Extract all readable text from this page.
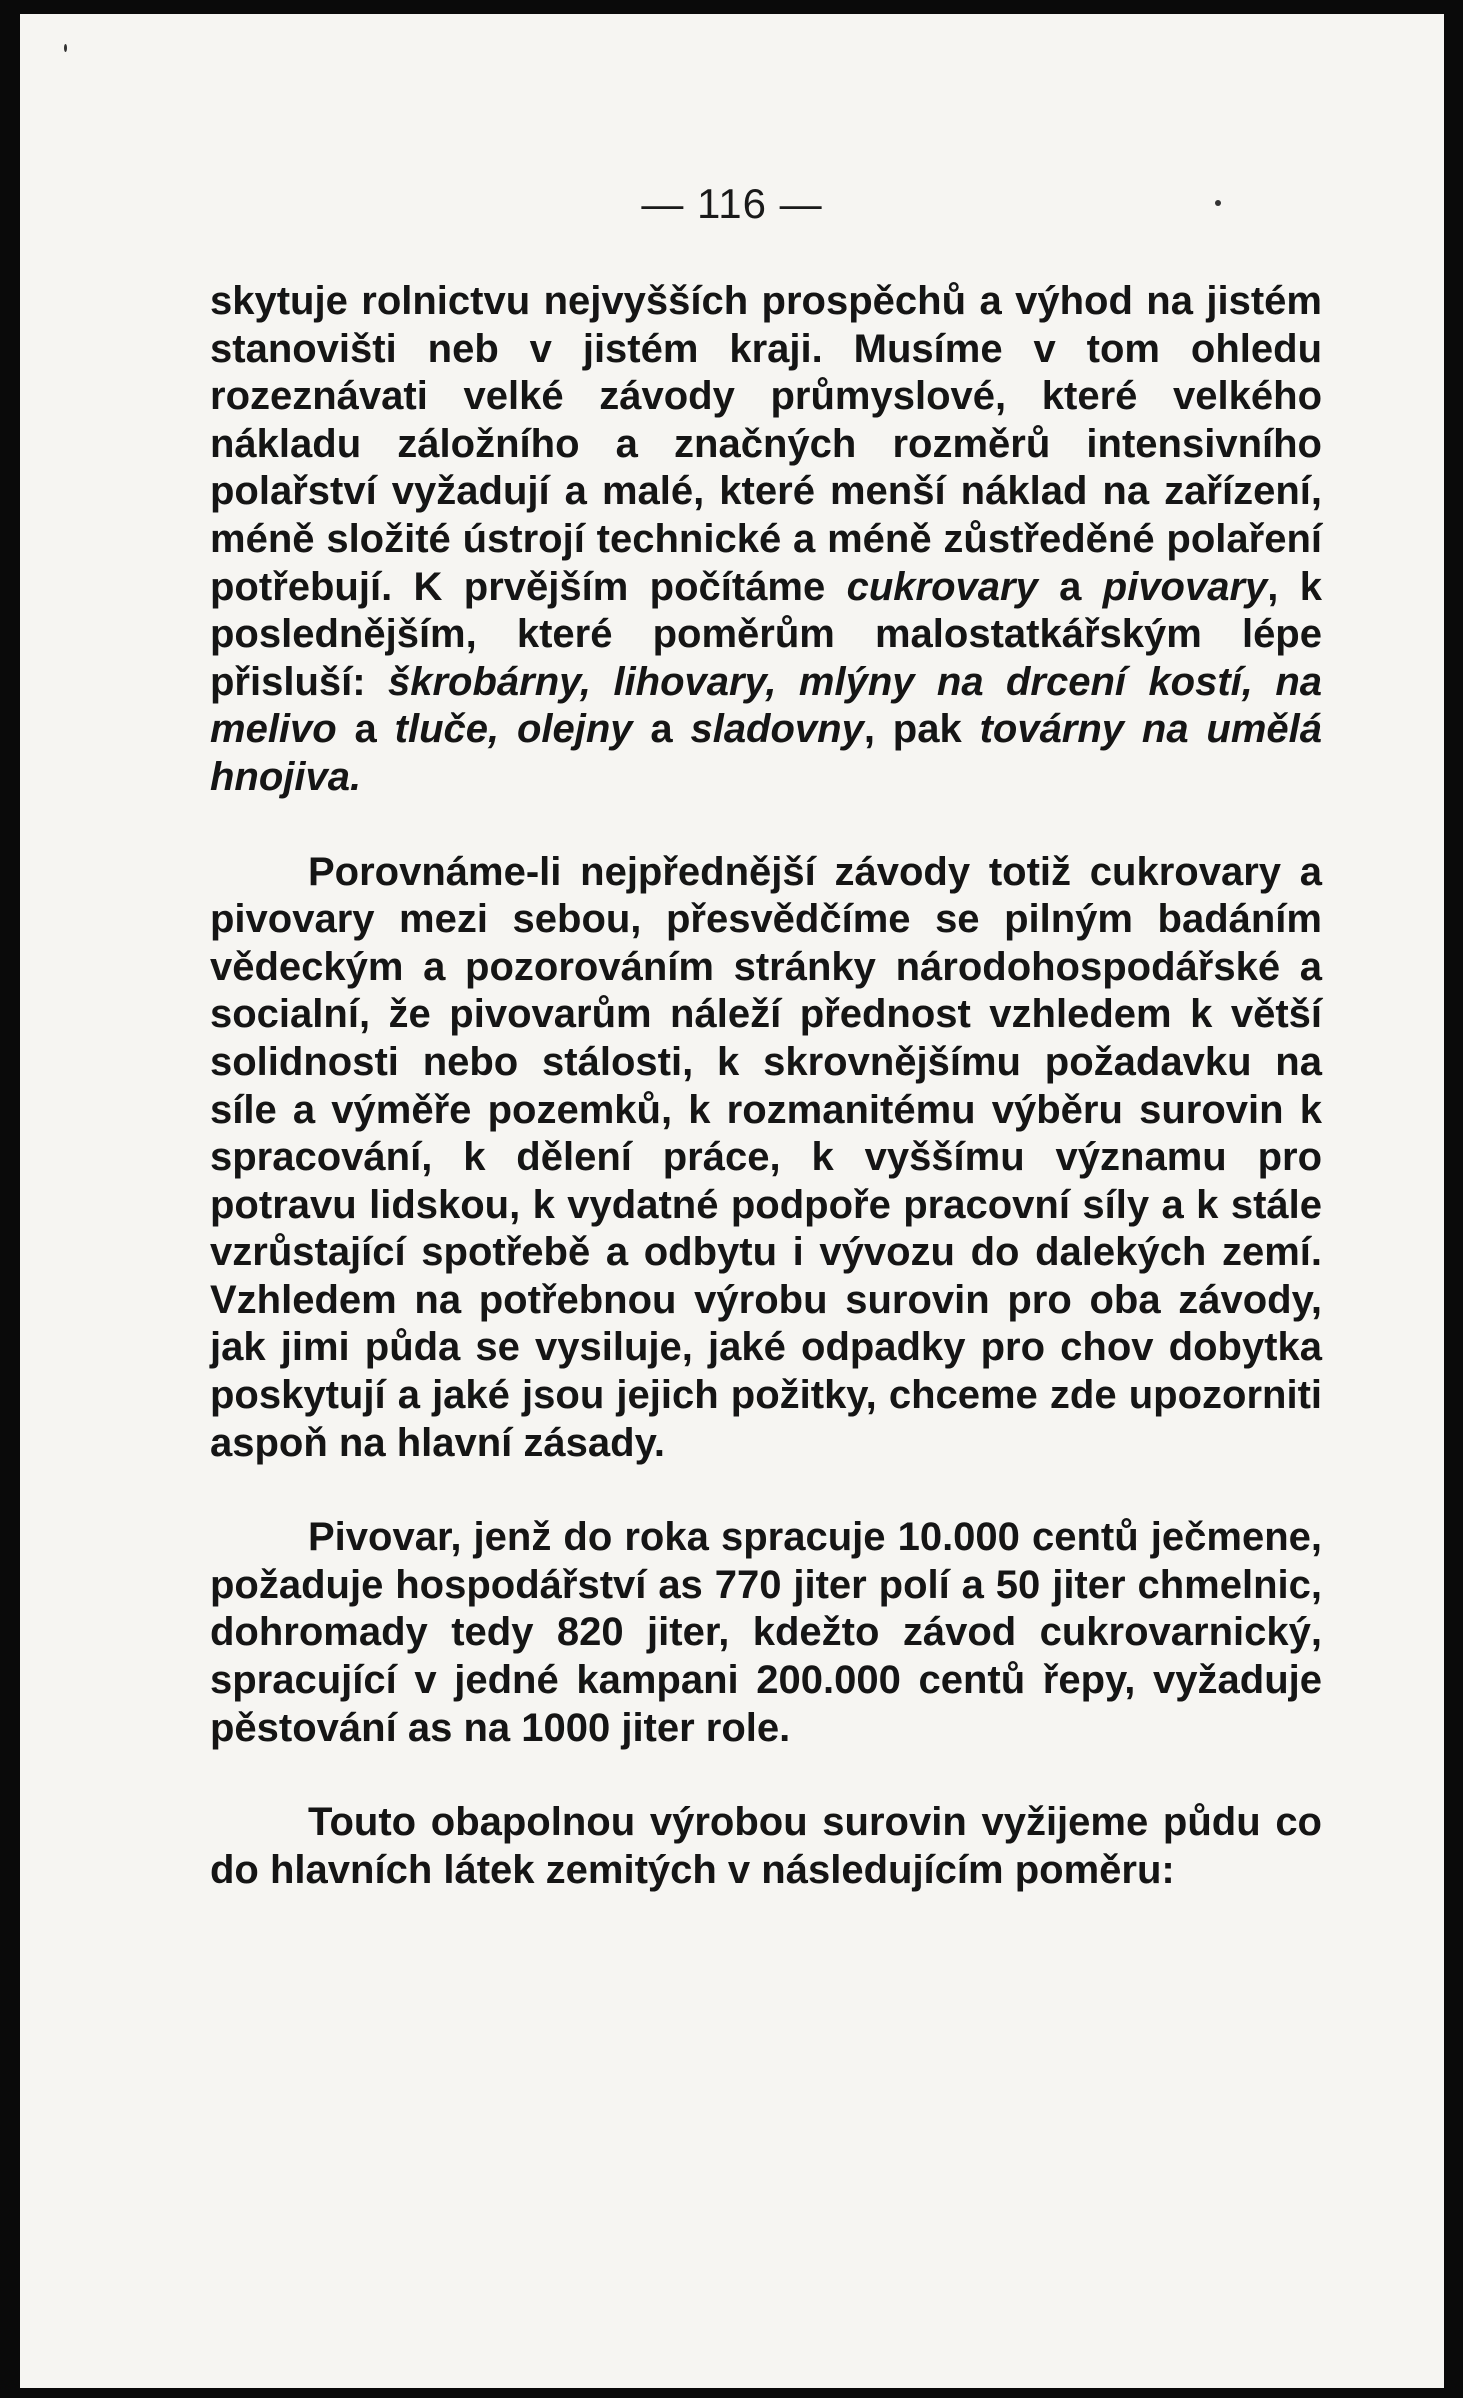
— 116 —

skytuje rolnictvu nejvyšších prospěchů a výhod na jistém stanovišti neb v jistém kraji. Musíme v tom ohledu rozeznávati velké závody průmyslové, které velkého nákladu záložního a značných rozměrů intensivního polařství vyžadují a malé, které menší náklad na zařízení, méně složité ústrojí technické a méně zůstředěné polaření potřebují. K prvějším počítáme cukrovary a pivovary, k poslednějším, které poměrům malostatkářským lépe přisluší: škrobárny, lihovary, mlýny na drcení kostí, na melivo a tluče, olejny a sladovny, pak továrny na umělá hnojiva.

Porovnáme-li nejpřednější závody totiž cukrovary a pivovary mezi sebou, přesvědčíme se pilným badáním vědeckým a pozorováním stránky národohospodářské a socialní, že pivovarům náleží přednost vzhledem k větší solidnosti nebo stálosti, k skrovnějšímu požadavku na síle a výměře pozemků, k rozmanitému výběru surovin k spracování, k dělení práce, k vyššímu významu pro potravu lidskou, k vydatné podpoře pracovní síly a k stále vzrůstající spotřebě a odbytu i vývozu do dalekých zemí. Vzhledem na potřebnou výrobu surovin pro oba závody, jak jimi půda se vysiluje, jaké odpadky pro chov dobytka poskytují a jaké jsou jejich požitky, chceme zde upozorniti aspoň na hlavní zásady.

Pivovar, jenž do roka spracuje 10.000 centů ječmene, požaduje hospodářství as 770 jiter polí a 50 jiter chmelnic, dohromady tedy 820 jiter, kdežto závod cukrovarnický, spracující v jedné kampani 200.000 centů řepy, vyžaduje pěstování as na 1000 jiter role.

Touto obapolnou výrobou surovin vyžijeme půdu co do hlavních látek zemitých v následujícím poměru:
